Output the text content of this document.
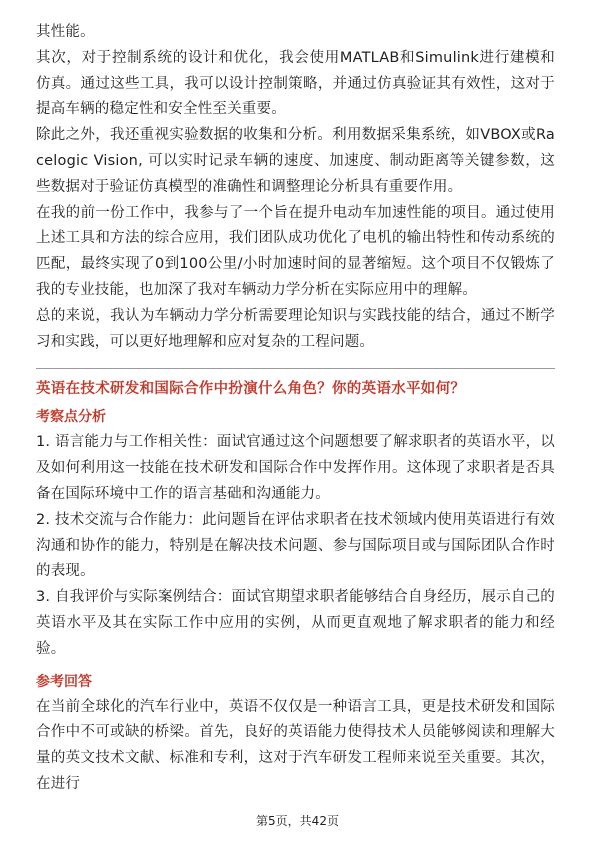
其性能。

其次，对于控制系统的设计和优化，我会使用MATLAB和Simulink进行建模和仿真。通过这些工具，我可以设计控制策略，并通过仿真验证其有效性，这对于提高车辆的稳定性和安全性至关重要。

除此之外，我还重视实验数据的收集和分析。利用数据采集系统，如VBOX或Racelogic Vision, 可以实时记录车辆的速度、加速度、制动距离等关键参数，这些数据对于验证仿真模型的准确性和调整理论分析具有重要作用。

在我的前一份工作中，我参与了一个旨在提升电动车加速性能的项目。通过使用上述工具和方法的综合应用，我们团队成功优化了电机的输出特性和传动系统的匹配，最终实现了0到100公里/小时加速时间的显著缩短。这个项目不仅锻炼了我的专业技能，也加深了我对车辆动力学分析在实际应用中的理解。

总的来说，我认为车辆动力学分析需要理论知识与实践技能的结合，通过不断学习和实践，可以更好地理解和应对复杂的工程问题。

英语在技术研发和国际合作中扮演什么角色？你的英语水平如何？

考察点分析

1. 语言能力与工作相关性：面试官通过这个问题想要了解求职者的英语水平，以及如何利用这一技能在技术研发和国际合作中发挥作用。这体现了求职者是否具备在国际环境中工作的语言基础和沟通能力。

2. 技术交流与合作能力：此问题旨在评估求职者在技术领域内使用英语进行有效沟通和协作的能力，特别是在解决技术问题、参与国际项目或与国际团队合作时的表现。

3. 自我评价与实际案例结合：面试官期望求职者能够结合自身经历，展示自己的英语水平及其在实际工作中应用的实例，从而更直观地了解求职者的能力和经验。

参考回答

在当前全球化的汽车行业中，英语不仅仅是一种语言工具，更是技术研发和国际合作中不可或缺的桥梁。首先，良好的英语能力使得技术人员能够阅读和理解大量的英文技术文献、标准和专利，这对于汽车研发工程师来说至关重要。其次，在进行

第5页，共42页
